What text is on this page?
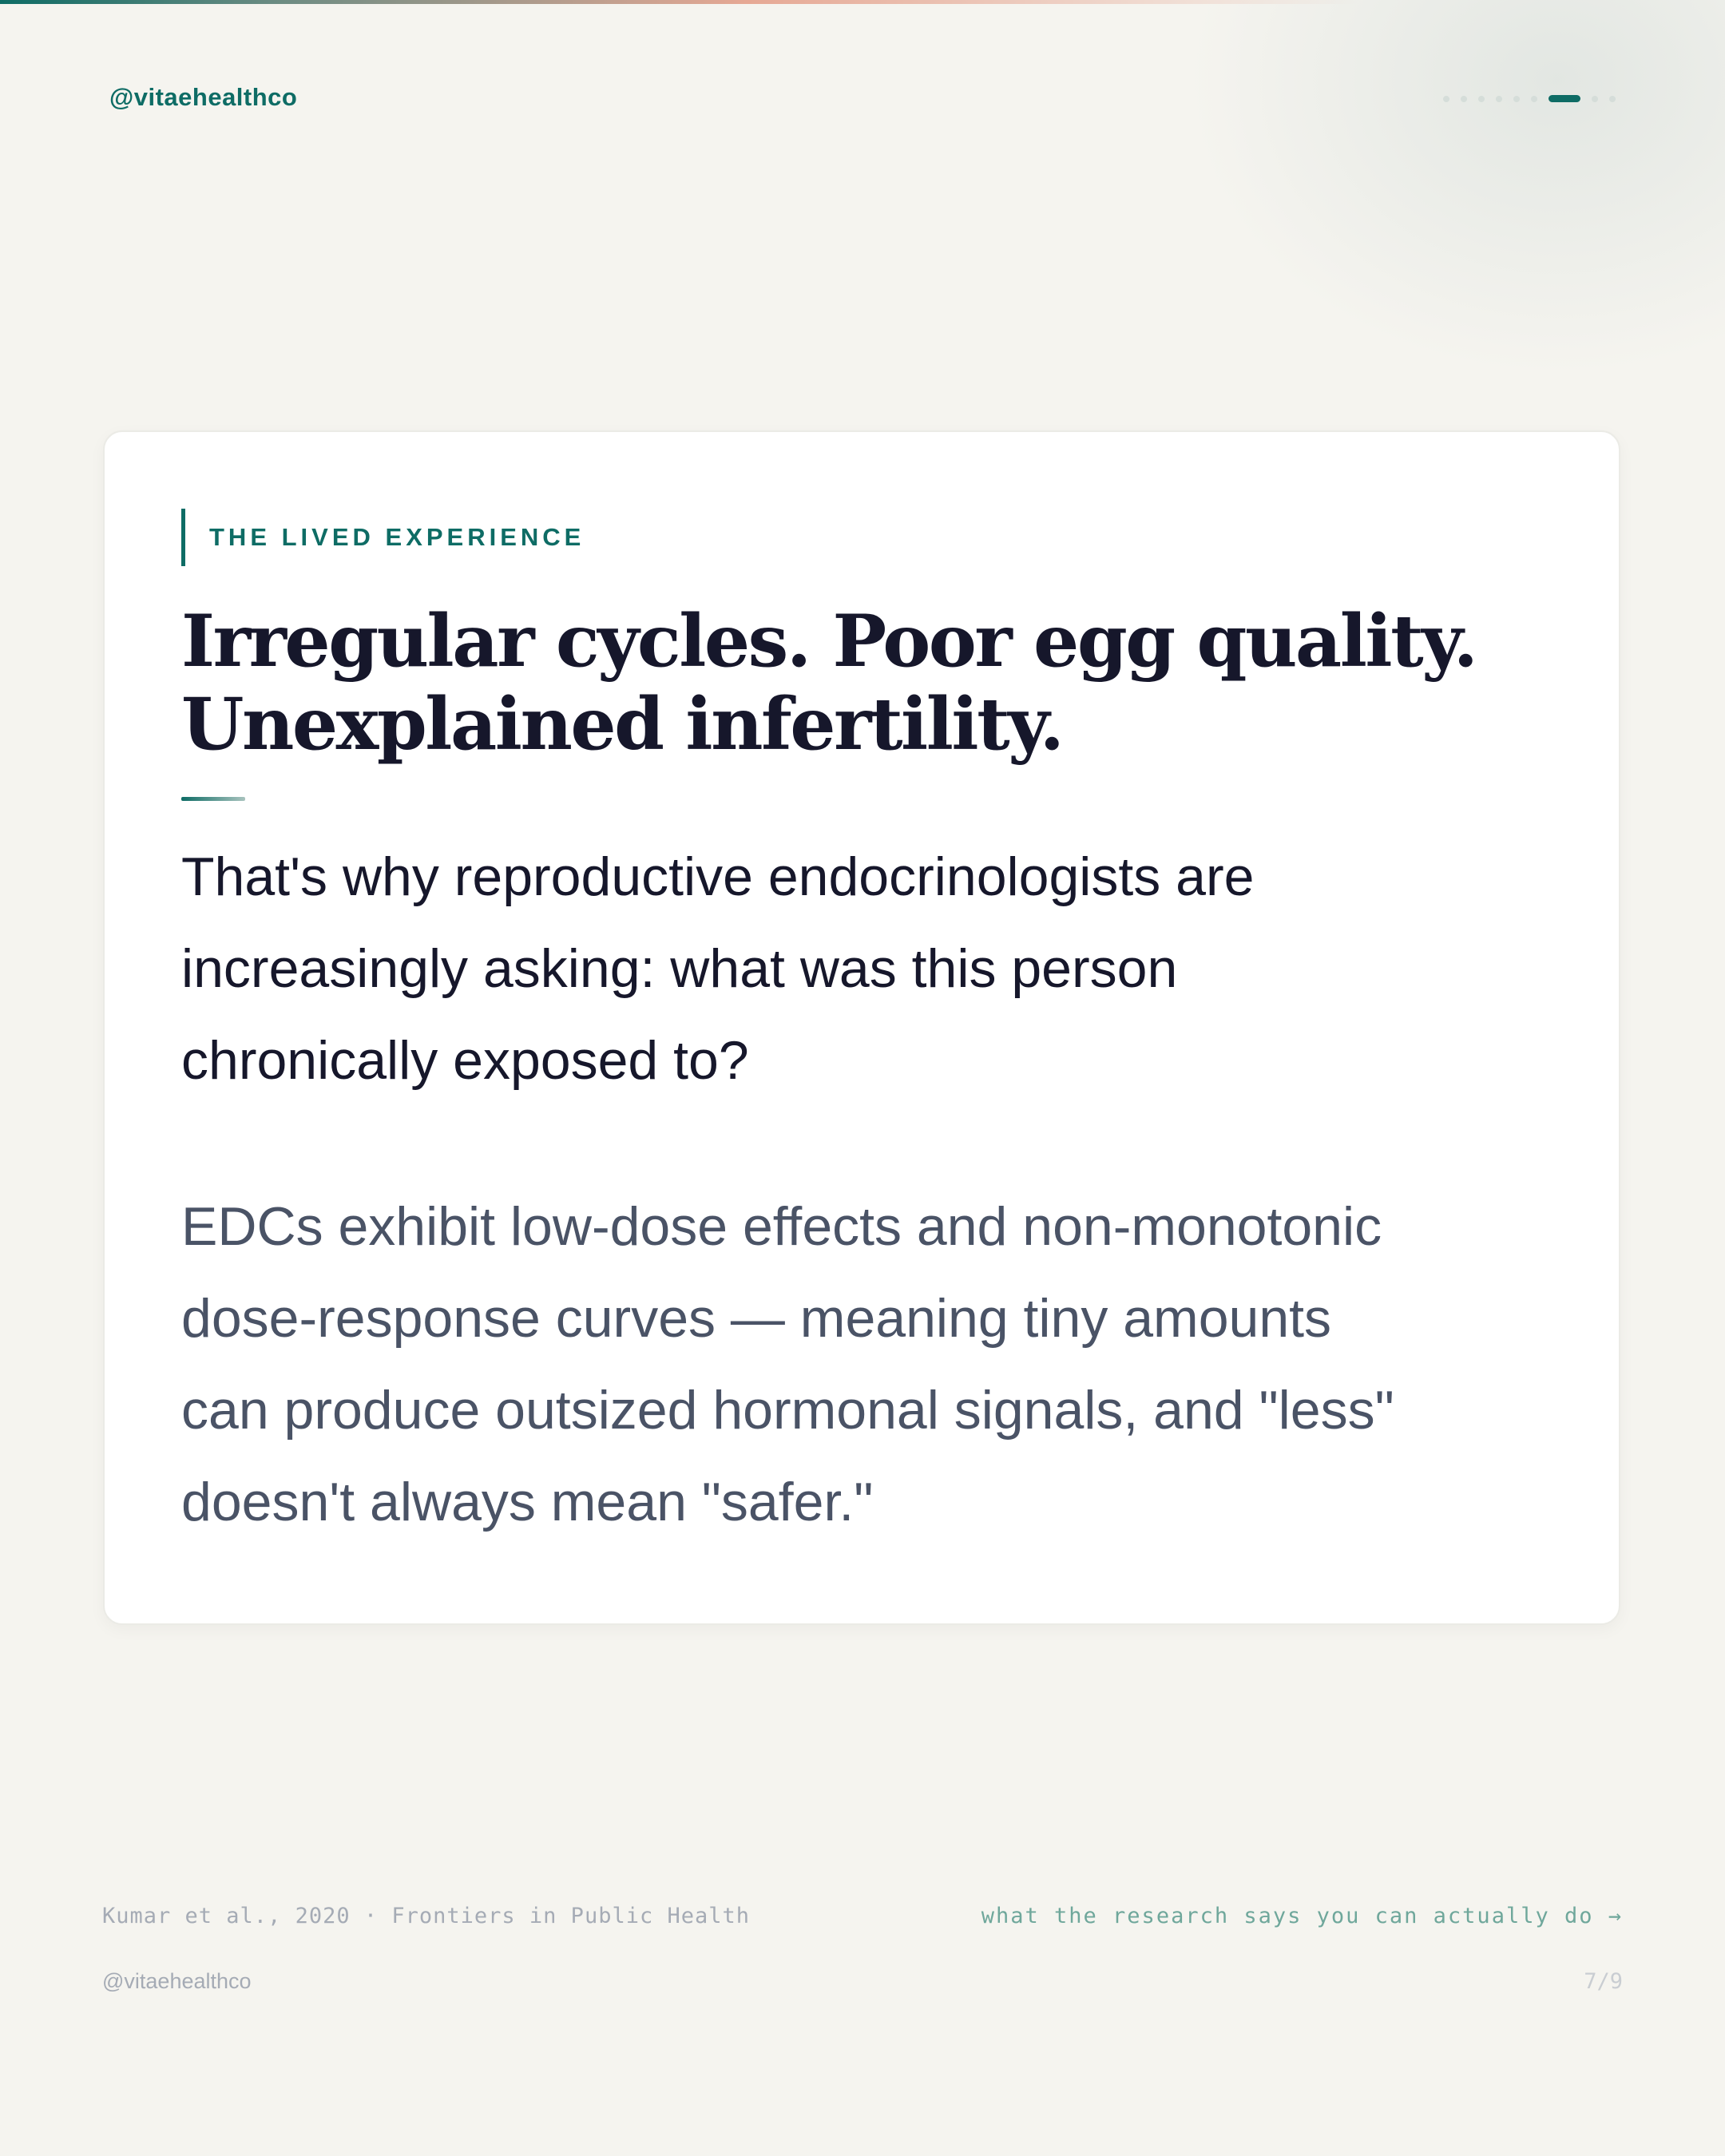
@vitaehealthco
THE LIVED EXPERIENCE
Irregular cycles. Poor egg quality.
Unexplained infertility.

That's why reproductive endocrinologists are
increasingly asking: what was this person
chronically exposed to?

EDCs exhibit low-dose effects and non-monotonic
dose-response curves — meaning tiny amounts
can produce outsized hormonal signals, and "less"
doesn't always mean "safer."

Kumar et al., 2020 · Frontiers in Public Health	what the research says you can actually do →
@vitaehealthco	7/9
